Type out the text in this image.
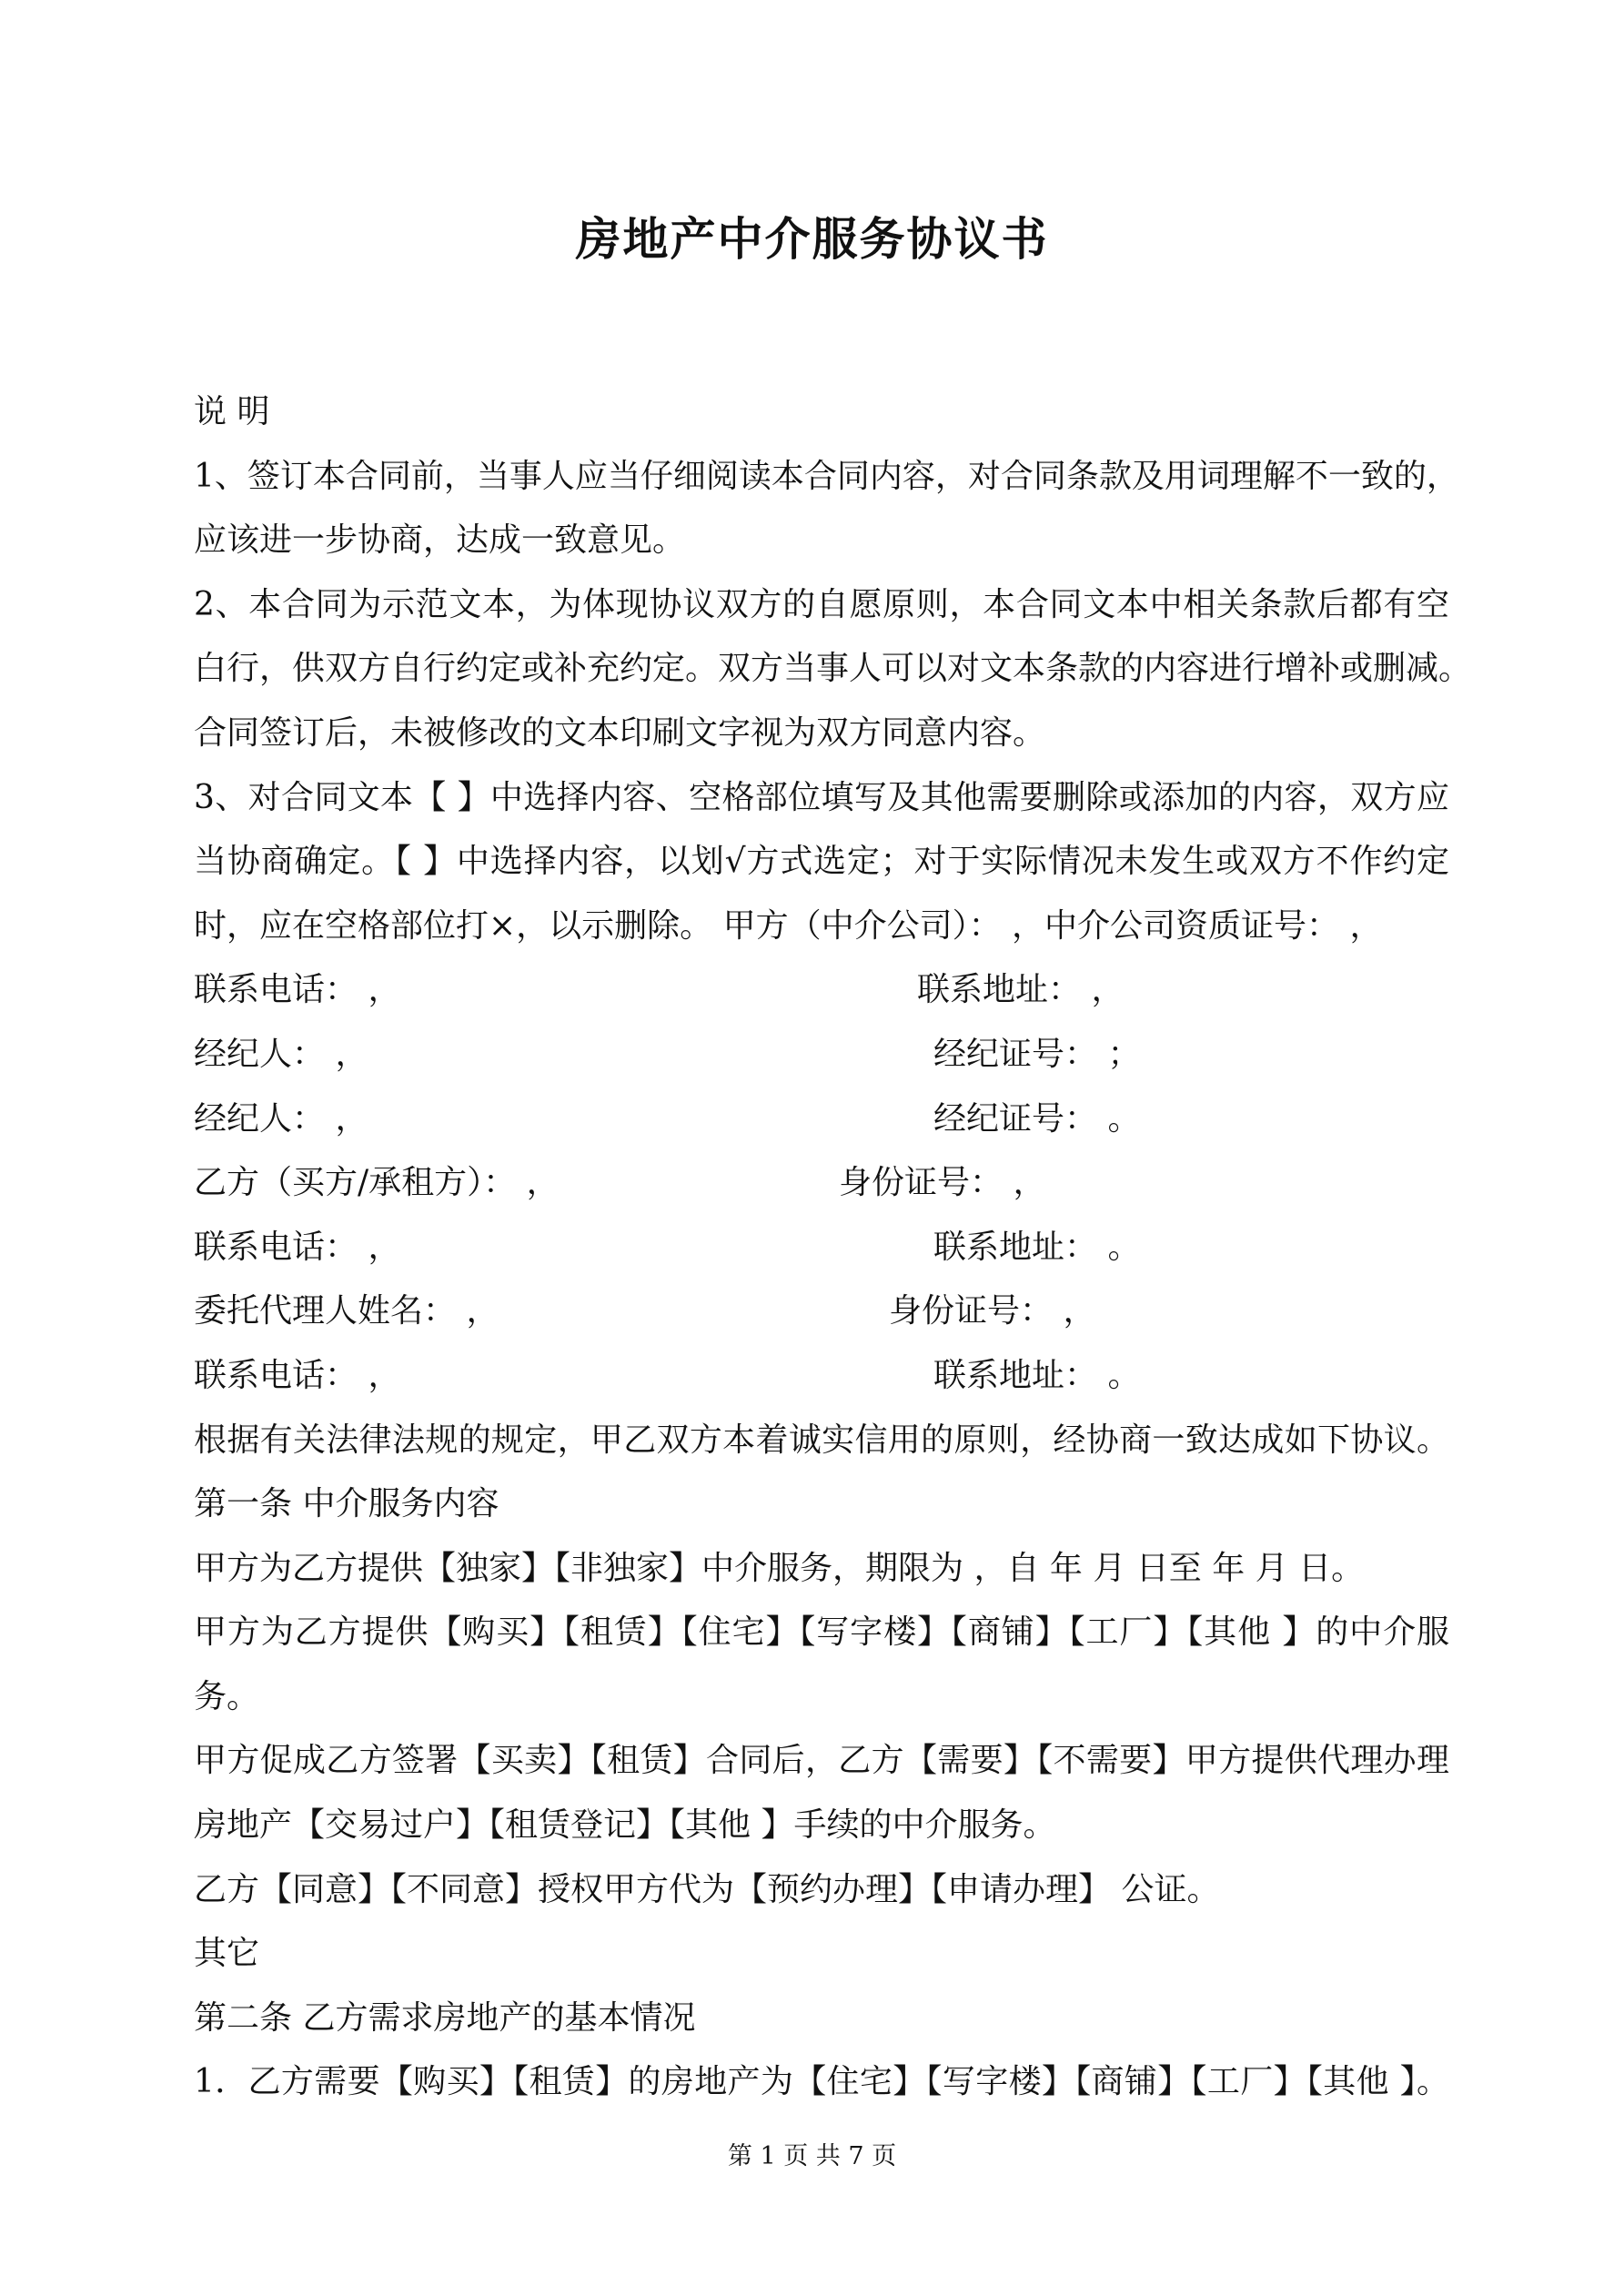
房地产中介服务协议书
说 明
1、签订本合同前，当事人应当仔细阅读本合同内容，对合同条款及用词理解不一致的，
应该进一步协商，达成一致意见。
2、本合同为示范文本，为体现协议双方的自愿原则，本合同文本中相关条款后都有空
白行，供双方自行约定或补充约定。双方当事人可以对文本条款的内容进行增补或删减。
合同签订后，未被修改的文本印刷文字视为双方同意内容。
3、对合同文本【 】中选择内容、空格部位填写及其他需要删除或添加的内容，双方应
当协商确定。【 】中选择内容，以划√方式选定；对于实际情况未发生或双方不作约定
时，应在空格部位打×，以示删除。 甲方（中介公司）： ，中介公司资质证号： ，
联系电话： ，	联系地址： ，
经纪人： ，	经纪证号： ；
经纪人： ，	经纪证号： 。
乙方（买方/承租方）： ，	身份证号： ，
联系电话： ，	联系地址： 。
委托代理人姓名： ，	身份证号： ，
联系电话： ，	联系地址： 。
根据有关法律法规的规定，甲乙双方本着诚实信用的原则，经协商一致达成如下协议。
第一条 中介服务内容
甲方为乙方提供【独家】【非独家】中介服务，期限为 ，自 年 月 日至 年 月 日。
甲方为乙方提供【购买】【租赁】【住宅】【写字楼】【商铺】【工厂】【其他 】的中介服
务。
甲方促成乙方签署【买卖】【租赁】合同后，乙方【需要】【不需要】甲方提供代理办理
房地产【交易过户】【租赁登记】【其他 】手续的中介服务。
乙方【同意】【不同意】授权甲方代为【预约办理】【申请办理】 公证。
其它
第二条 乙方需求房地产的基本情况
1．乙方需要【购买】【租赁】的房地产为【住宅】【写字楼】【商铺】【工厂】【其他 】。
第 1 页 共 7 页
